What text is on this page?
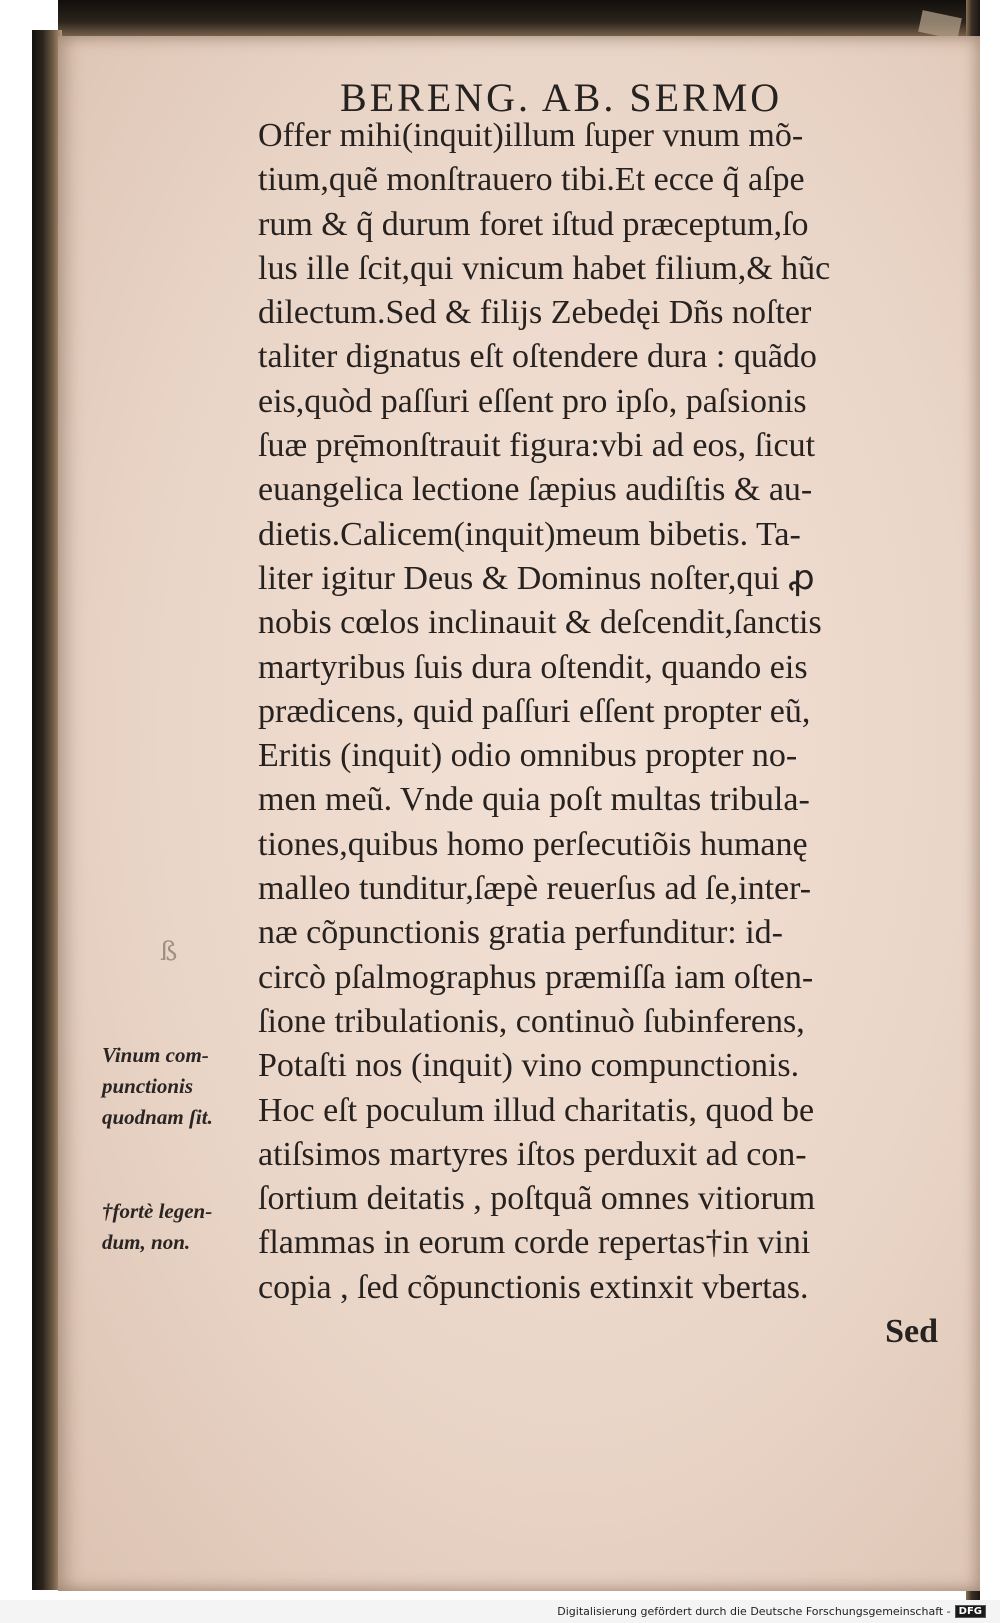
BERENG. AB. SERMO
Offer mihi(inquit)illum ſuper vnum mõ-
tium,quẽ monſtrauero tibi.Et ecce q̃ aſpe
rum & q̃ durum foret iſtud præceptum,ſo
lus ille ſcit,qui vnicum habet filium,& hũc
dilectum.Sed & filijs Zebedęi Dñs noſter
taliter dignatus eſt oſtendere dura : quãdo
eis,quòd paſſuri eſſent pro ipſo, paſsionis
ſuæ prę̄monſtrauit figura:vbi ad eos, ſicut
euangelica lectione ſæpius audiſtis & au-
dietis.Calicem(inquit)meum bibetis. Ta-
liter igitur Deus & Dominus noſter,qui ꝓ
nobis cœlos inclinauit & deſcendit,ſanctis
martyribus ſuis dura oſtendit, quando eis
prædicens, quid paſſuri eſſent propter eũ,
Eritis (inquit) odio omnibus propter no-
men meũ. Vnde quia poſt multas tribula-
tiones,quibus homo perſecutiõis humanę
malleo tunditur,ſæpè reuerſus ad ſe,inter-
næ cõpunctionis gratia perfunditur: id-
circò pſalmographus præmiſſa iam oſten-
ſione tribulationis, continuò ſubinferens,
Potaſti nos (inquit) vino compunctionis.
Hoc eſt poculum illud charitatis, quod be
atiſsimos martyres iſtos perduxit ad con-
ſortium deitatis , poſtquã omnes vitiorum
flammas in eorum corde repertas†in vini
copia , ſed cõpunctionis extinxit vbertas.
Sed
ß
Vinum com-
punctionis
quodnam ſit.
†fortè legen-
dum, non.
Digitalisierung gefördert durch die Deutsche Forschungsgemeinschaft - DFG
